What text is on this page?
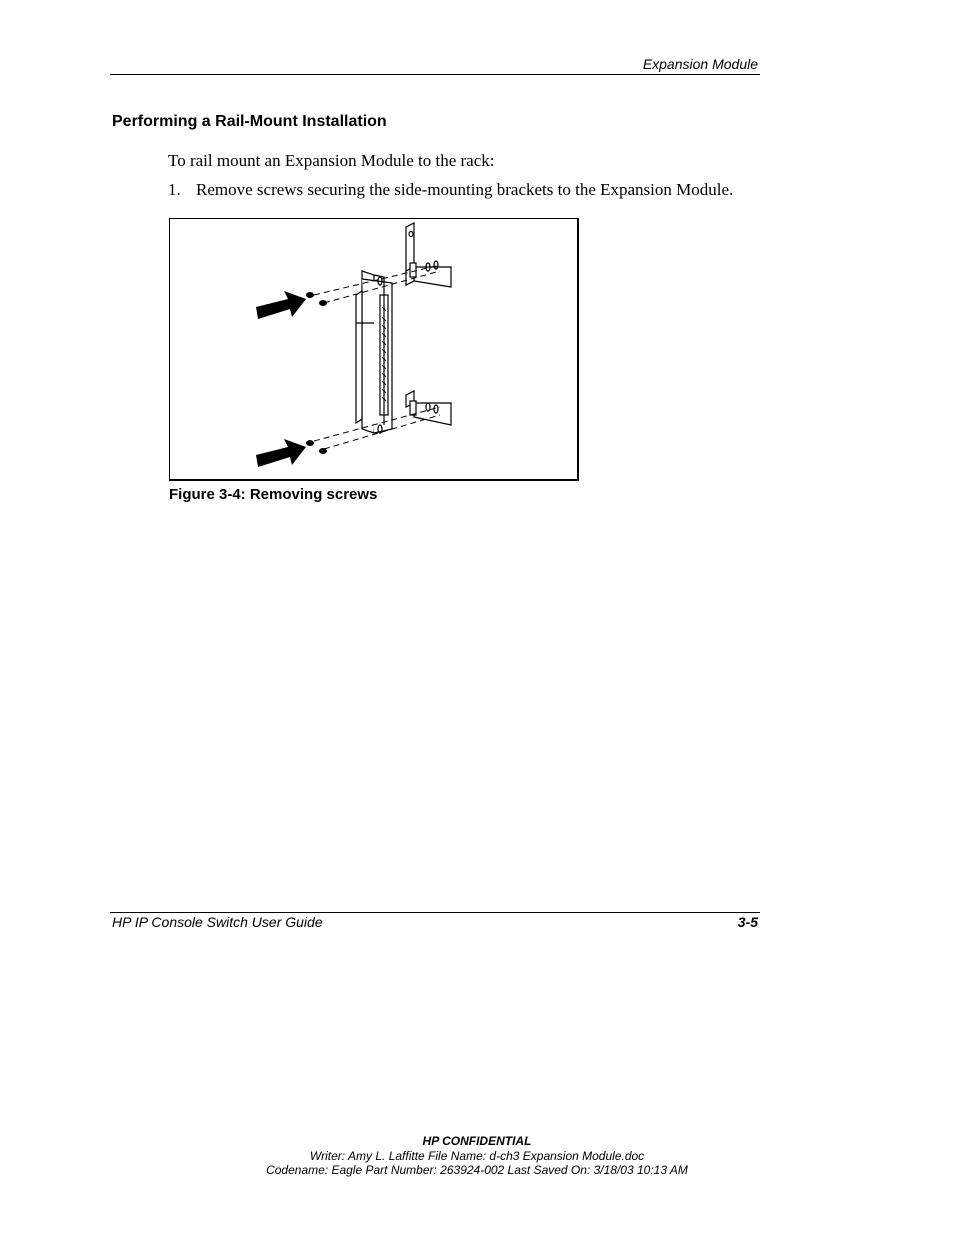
Expansion Module
Performing a Rail-Mount Installation
To rail mount an Expansion Module to the rack:
1. Remove screws securing the side-mounting brackets to the Expansion Module.
Figure 3-4: Removing screws
HP IP Console Switch User Guide	3-5
HP CONFIDENTIAL
Writer: Amy L. Laffitte File Name: d-ch3 Expansion Module.doc
Codename: Eagle Part Number: 263924-002 Last Saved On: 3/18/03 10:13 AM
